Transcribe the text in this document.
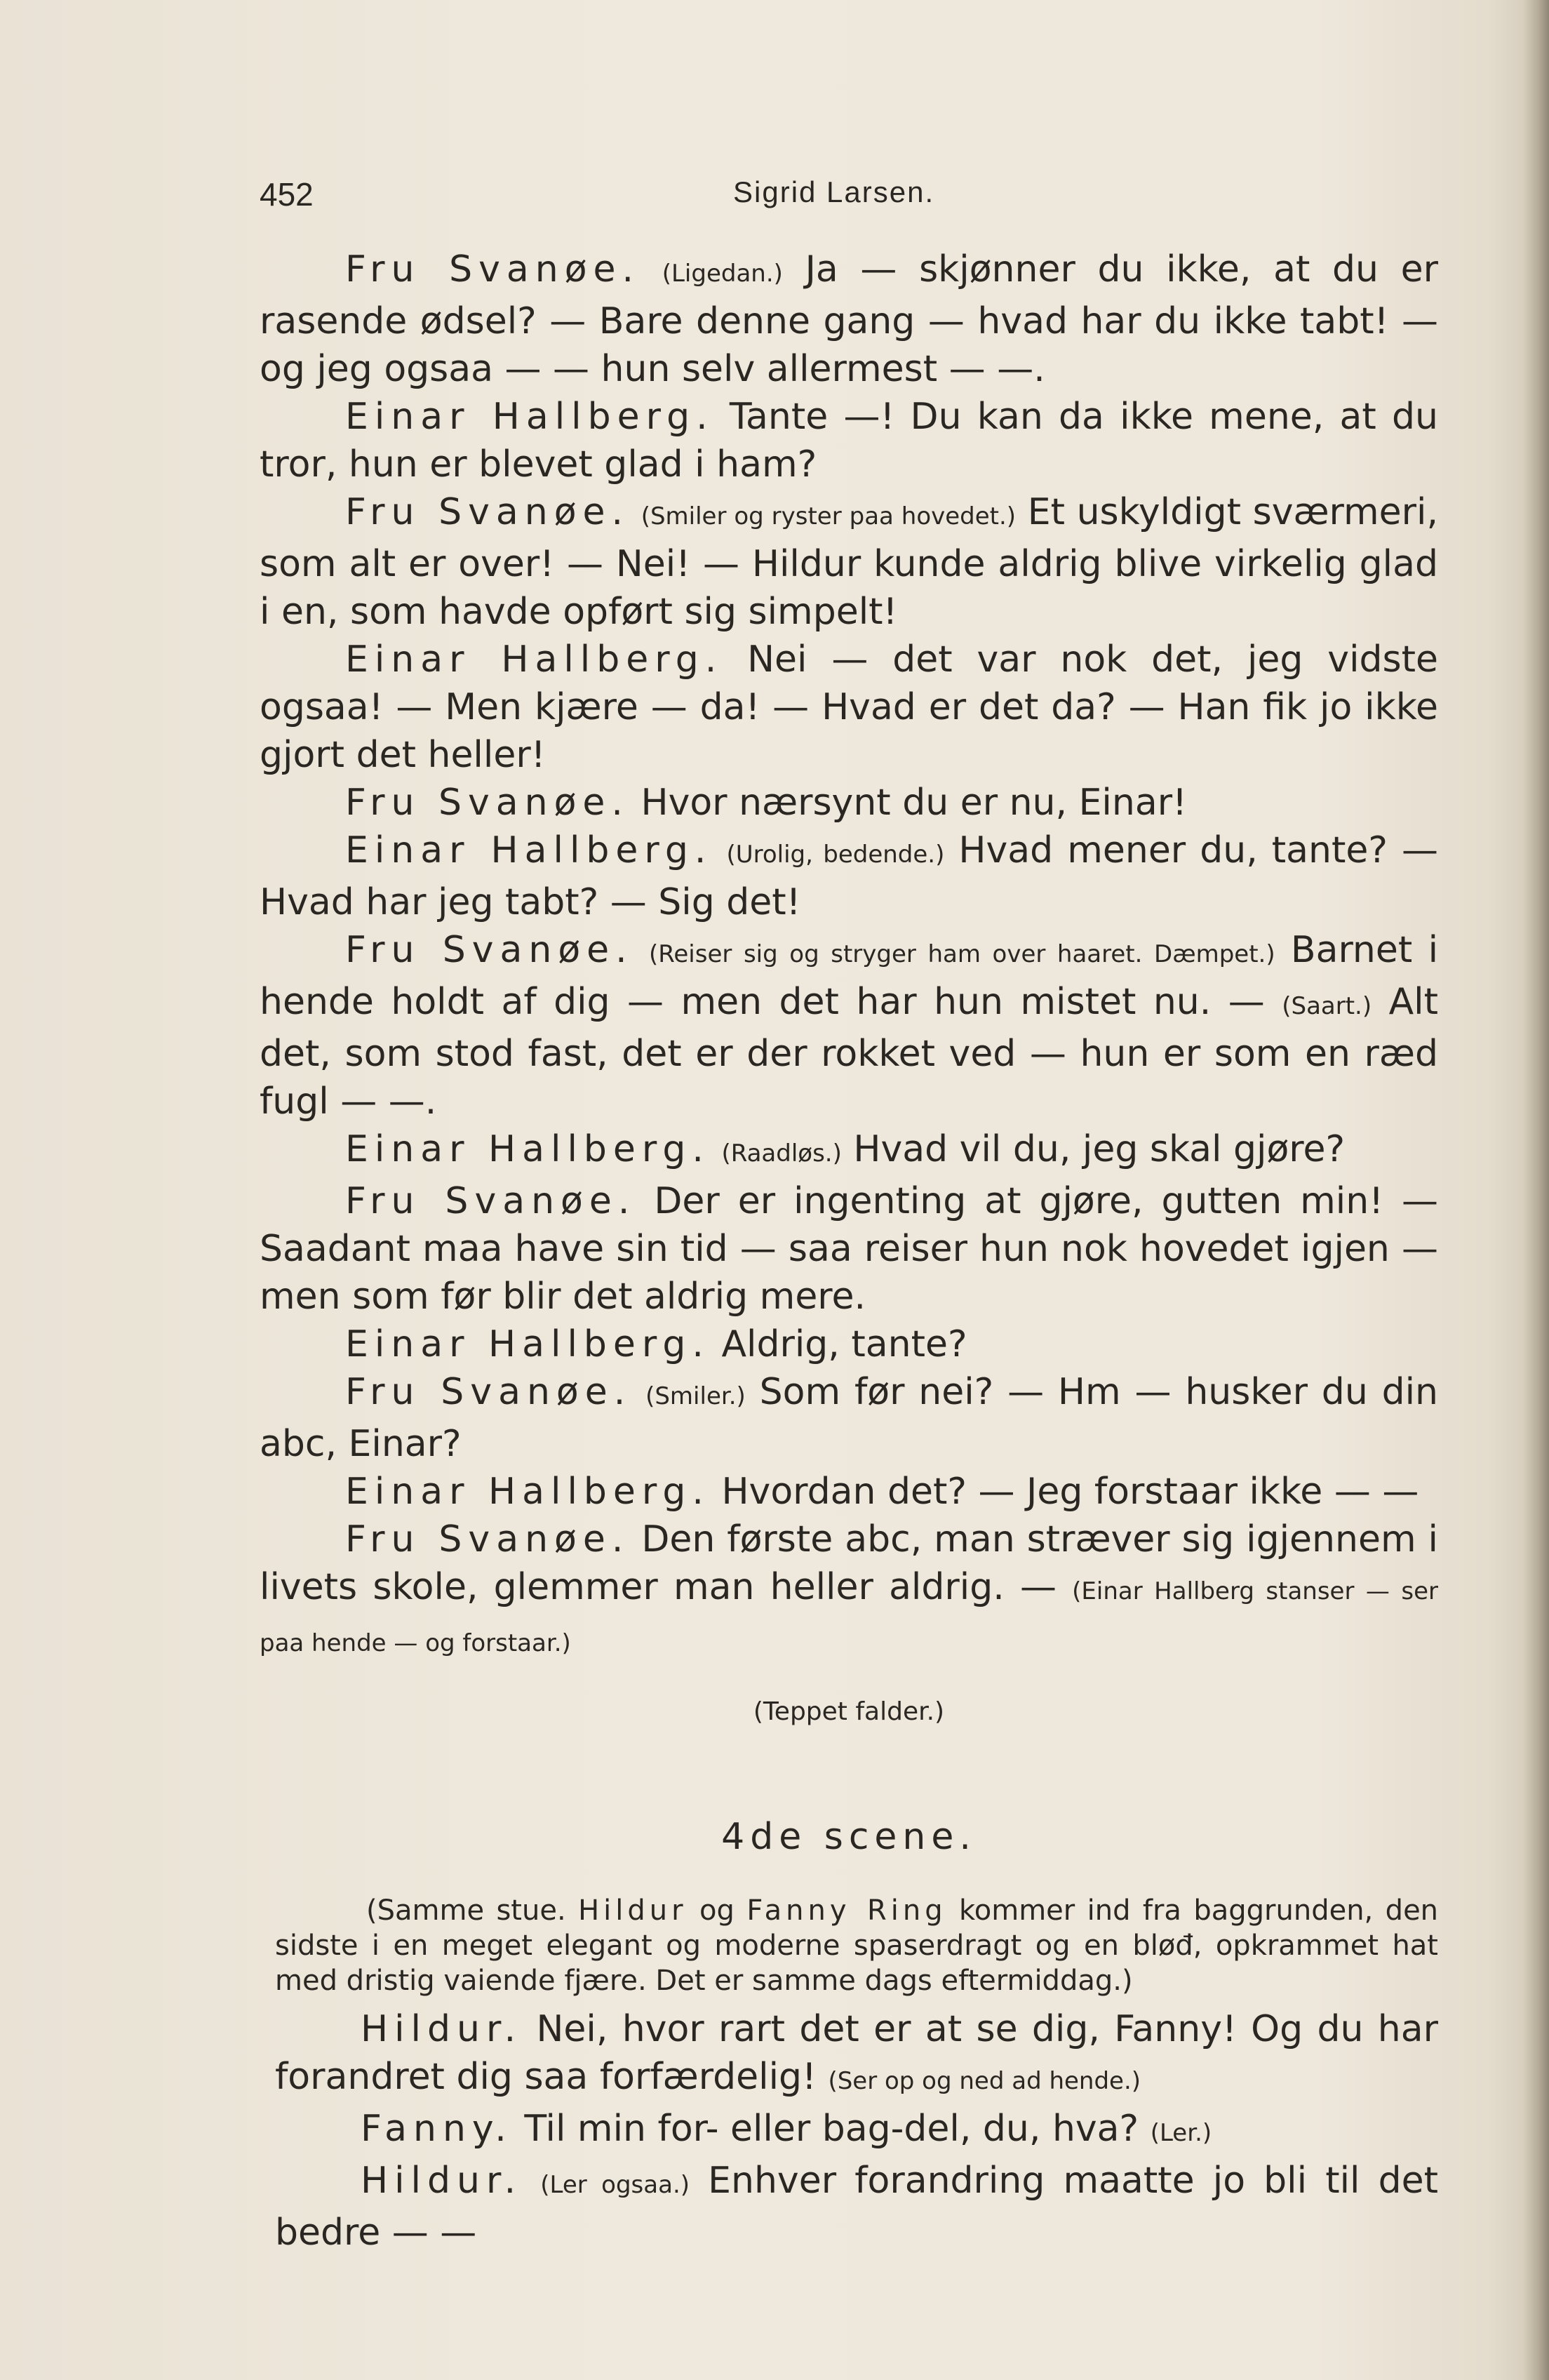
452	Sigrid Larsen.

Fru Svanøe. (Ligedan.) Ja — skjønner du ikke, at du er rasende ødsel? — Bare denne gang — hvad har du ikke tabt! — og jeg ogsaa — — hun selv allermest — —.

Einar Hallberg. Tante —! Du kan da ikke mene, at du tror, hun er blevet glad i ham?

Fru Svanøe. (Smiler og ryster paa hovedet.) Et uskyldigt sværmeri, som alt er over! — Nei! — Hildur kunde aldrig blive virkelig glad i en, som havde opført sig simpelt!

Einar Hallberg. Nei — det var nok det, jeg vidste ogsaa! — Men kjære — da! — Hvad er det da? — Han fik jo ikke gjort det heller!

Fru Svanøe. Hvor nærsynt du er nu, Einar!

Einar Hallberg. (Urolig, bedende.) Hvad mener du, tante? — Hvad har jeg tabt? — Sig det!

Fru Svanøe. (Reiser sig og stryger ham over haaret. Dæmpet.) Barnet i hende holdt af dig — men det har hun mistet nu. — (Saart.) Alt det, som stod fast, det er der rokket ved — hun er som en ræd fugl — —.

Einar Hallberg. (Raadløs.) Hvad vil du, jeg skal gjøre?

Fru Svanøe. Der er ingenting at gjøre, gutten min! — Saadant maa have sin tid — saa reiser hun nok hovedet igjen — men som før blir det aldrig mere.

Einar Hallberg. Aldrig, tante?

Fru Svanøe. (Smiler.) Som før nei? — Hm — husker du din abc, Einar?

Einar Hallberg. Hvordan det? — Jeg forstaar ikke — —

Fru Svanøe. Den første abc, man stræver sig igjennem i livets skole, glemmer man heller aldrig. — (Einar Hallberg stanser — ser paa hende — og forstaar.)

(Teppet falder.)

4de scene.

(Samme stue. Hildur og Fanny Ring kommer ind fra baggrunden, den sidste i en meget elegant og moderne spaserdragt og en bløđ, opkrammet hat med dristig vaiende fjære. Det er samme dags eftermiddag.)

Hildur. Nei, hvor rart det er at se dig, Fanny! Og du har forandret dig saa forfærdelig! (Ser op og ned ad hende.)

Fanny. Til min for- eller bag-del, du, hva? (Ler.)

Hildur. (Ler ogsaa.) Enhver forandring maatte jo bli til det bedre — —
